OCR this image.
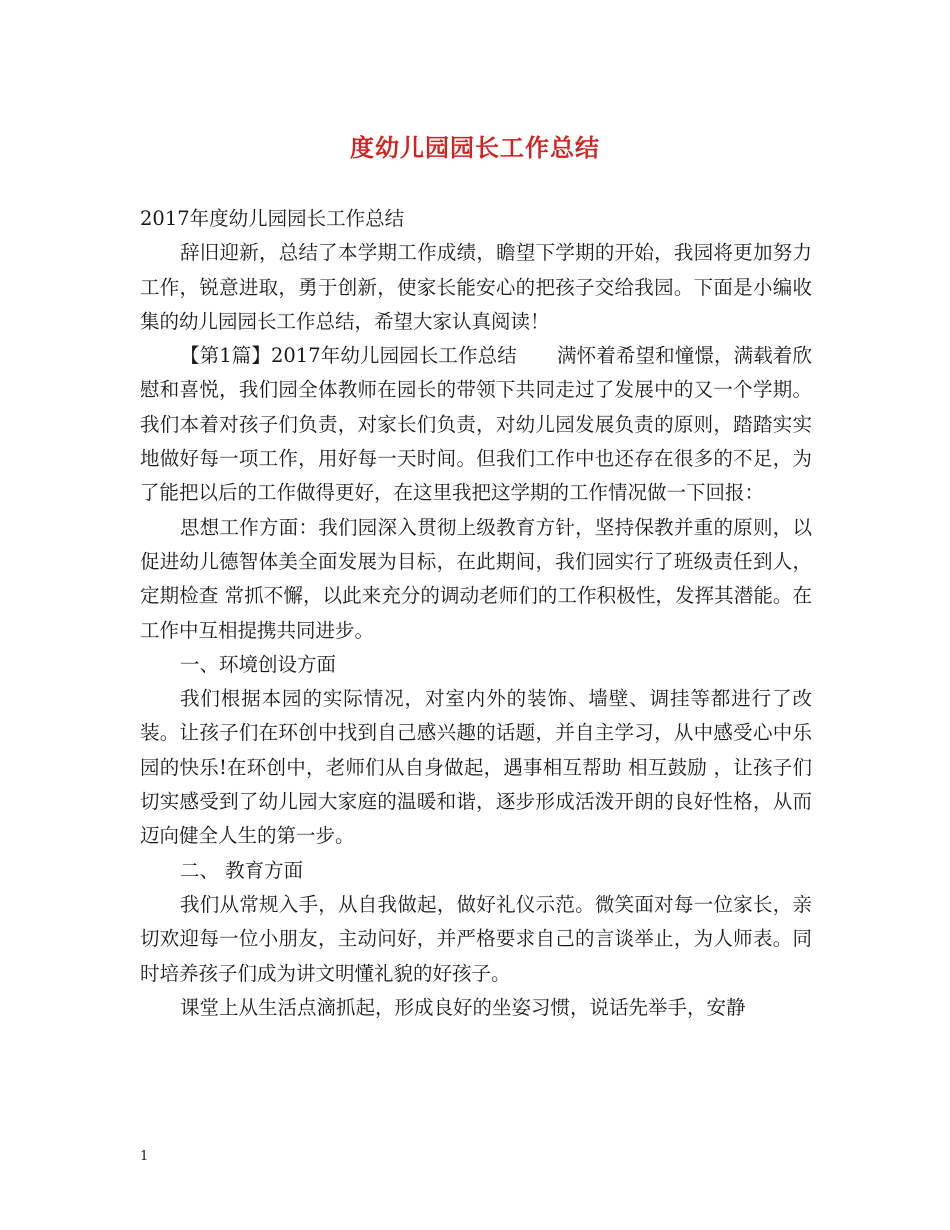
度幼儿园园长工作总结

2017年度幼儿园园长工作总结

辞旧迎新，总结了本学期工作成绩，瞻望下学期的开始，我园将更加努力工作，锐意进取，勇于创新，使家长能安心的把孩子交给我园。下面是小编收集的幼儿园园长工作总结，希望大家认真阅读！

【第1篇】2017年幼儿园园长工作总结 满怀着希望和憧憬，满载着欣慰和喜悦，我们园全体教师在园长的带领下共同走过了发展中的又一个学期。我们本着对孩子们负责，对家长们负责，对幼儿园发展负责的原则，踏踏实实地做好每一项工作，用好每一天时间。但我们工作中也还存在很多的不足，为了能把以后的工作做得更好，在这里我把这学期的工作情况做一下回报：

思想工作方面：我们园深入贯彻上级教育方针，坚持保教并重的原则，以促进幼儿德智体美全面发展为目标，在此期间，我们园实行了班级责任到人，定期检查 常抓不懈，以此来充分的调动老师们的工作积极性，发挥其潜能。在工作中互相提携共同进步。

一、环境创设方面

我们根据本园的实际情况，对室内外的装饰、墙壁、调挂等都进行了改装。让孩子们在环创中找到自己感兴趣的话题，并自主学习，从中感受心中乐园的快乐!在环创中，老师们从自身做起，遇事相互帮助 相互鼓励 ，让孩子们切实感受到了幼儿园大家庭的温暖和谐，逐步形成活泼开朗的良好性格，从而迈向健全人生的第一步。

二、 教育方面

我们从常规入手，从自我做起，做好礼仪示范。微笑面对每一位家长，亲切欢迎每一位小朋友，主动问好，并严格要求自己的言谈举止，为人师表。同时培养孩子们成为讲文明懂礼貌的好孩子。

课堂上从生活点滴抓起，形成良好的坐姿习惯，说话先举手，安静

1
